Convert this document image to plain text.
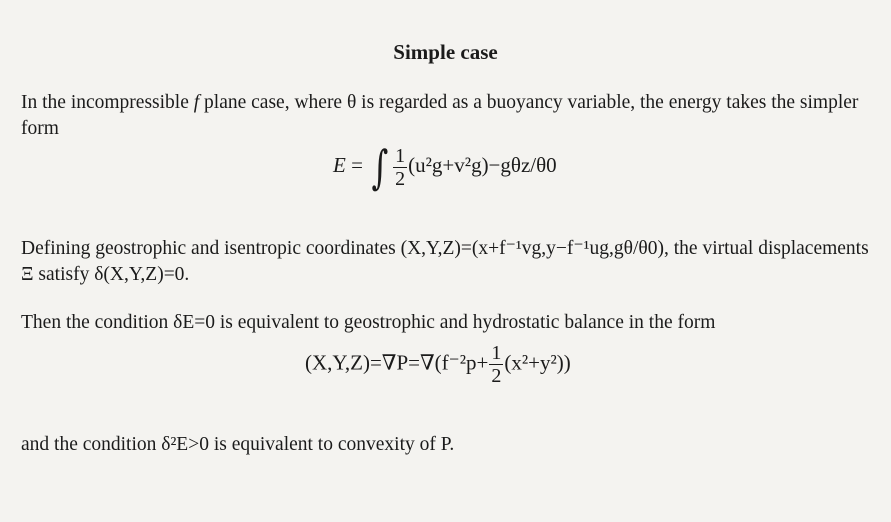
Simple case
In the incompressible f plane case, where θ is regarded as a buoyancy variable, the energy takes the simpler form
E = ∫ $\frac{1}{2} (u^2g+v^2g)-g\theta z/\theta 0$
Defining geostrophic and isentropic coordinates (X,Y,Z)=(x+f⁻¹vg,y−f⁻¹ug,gθ/θ0), the virtual displacements Ξ satisfy δ(X,Y,Z)=0.
Then the condition δE=0 is equivalent to geostrophic and hydrostatic balance in the form
$(X,Y,Z)=\nabla P=\nabla(f^{-2}p+ \frac{1}{2} (x^2+y^2))$
and the condition δ²E>0 is equivalent to convexity of P.
